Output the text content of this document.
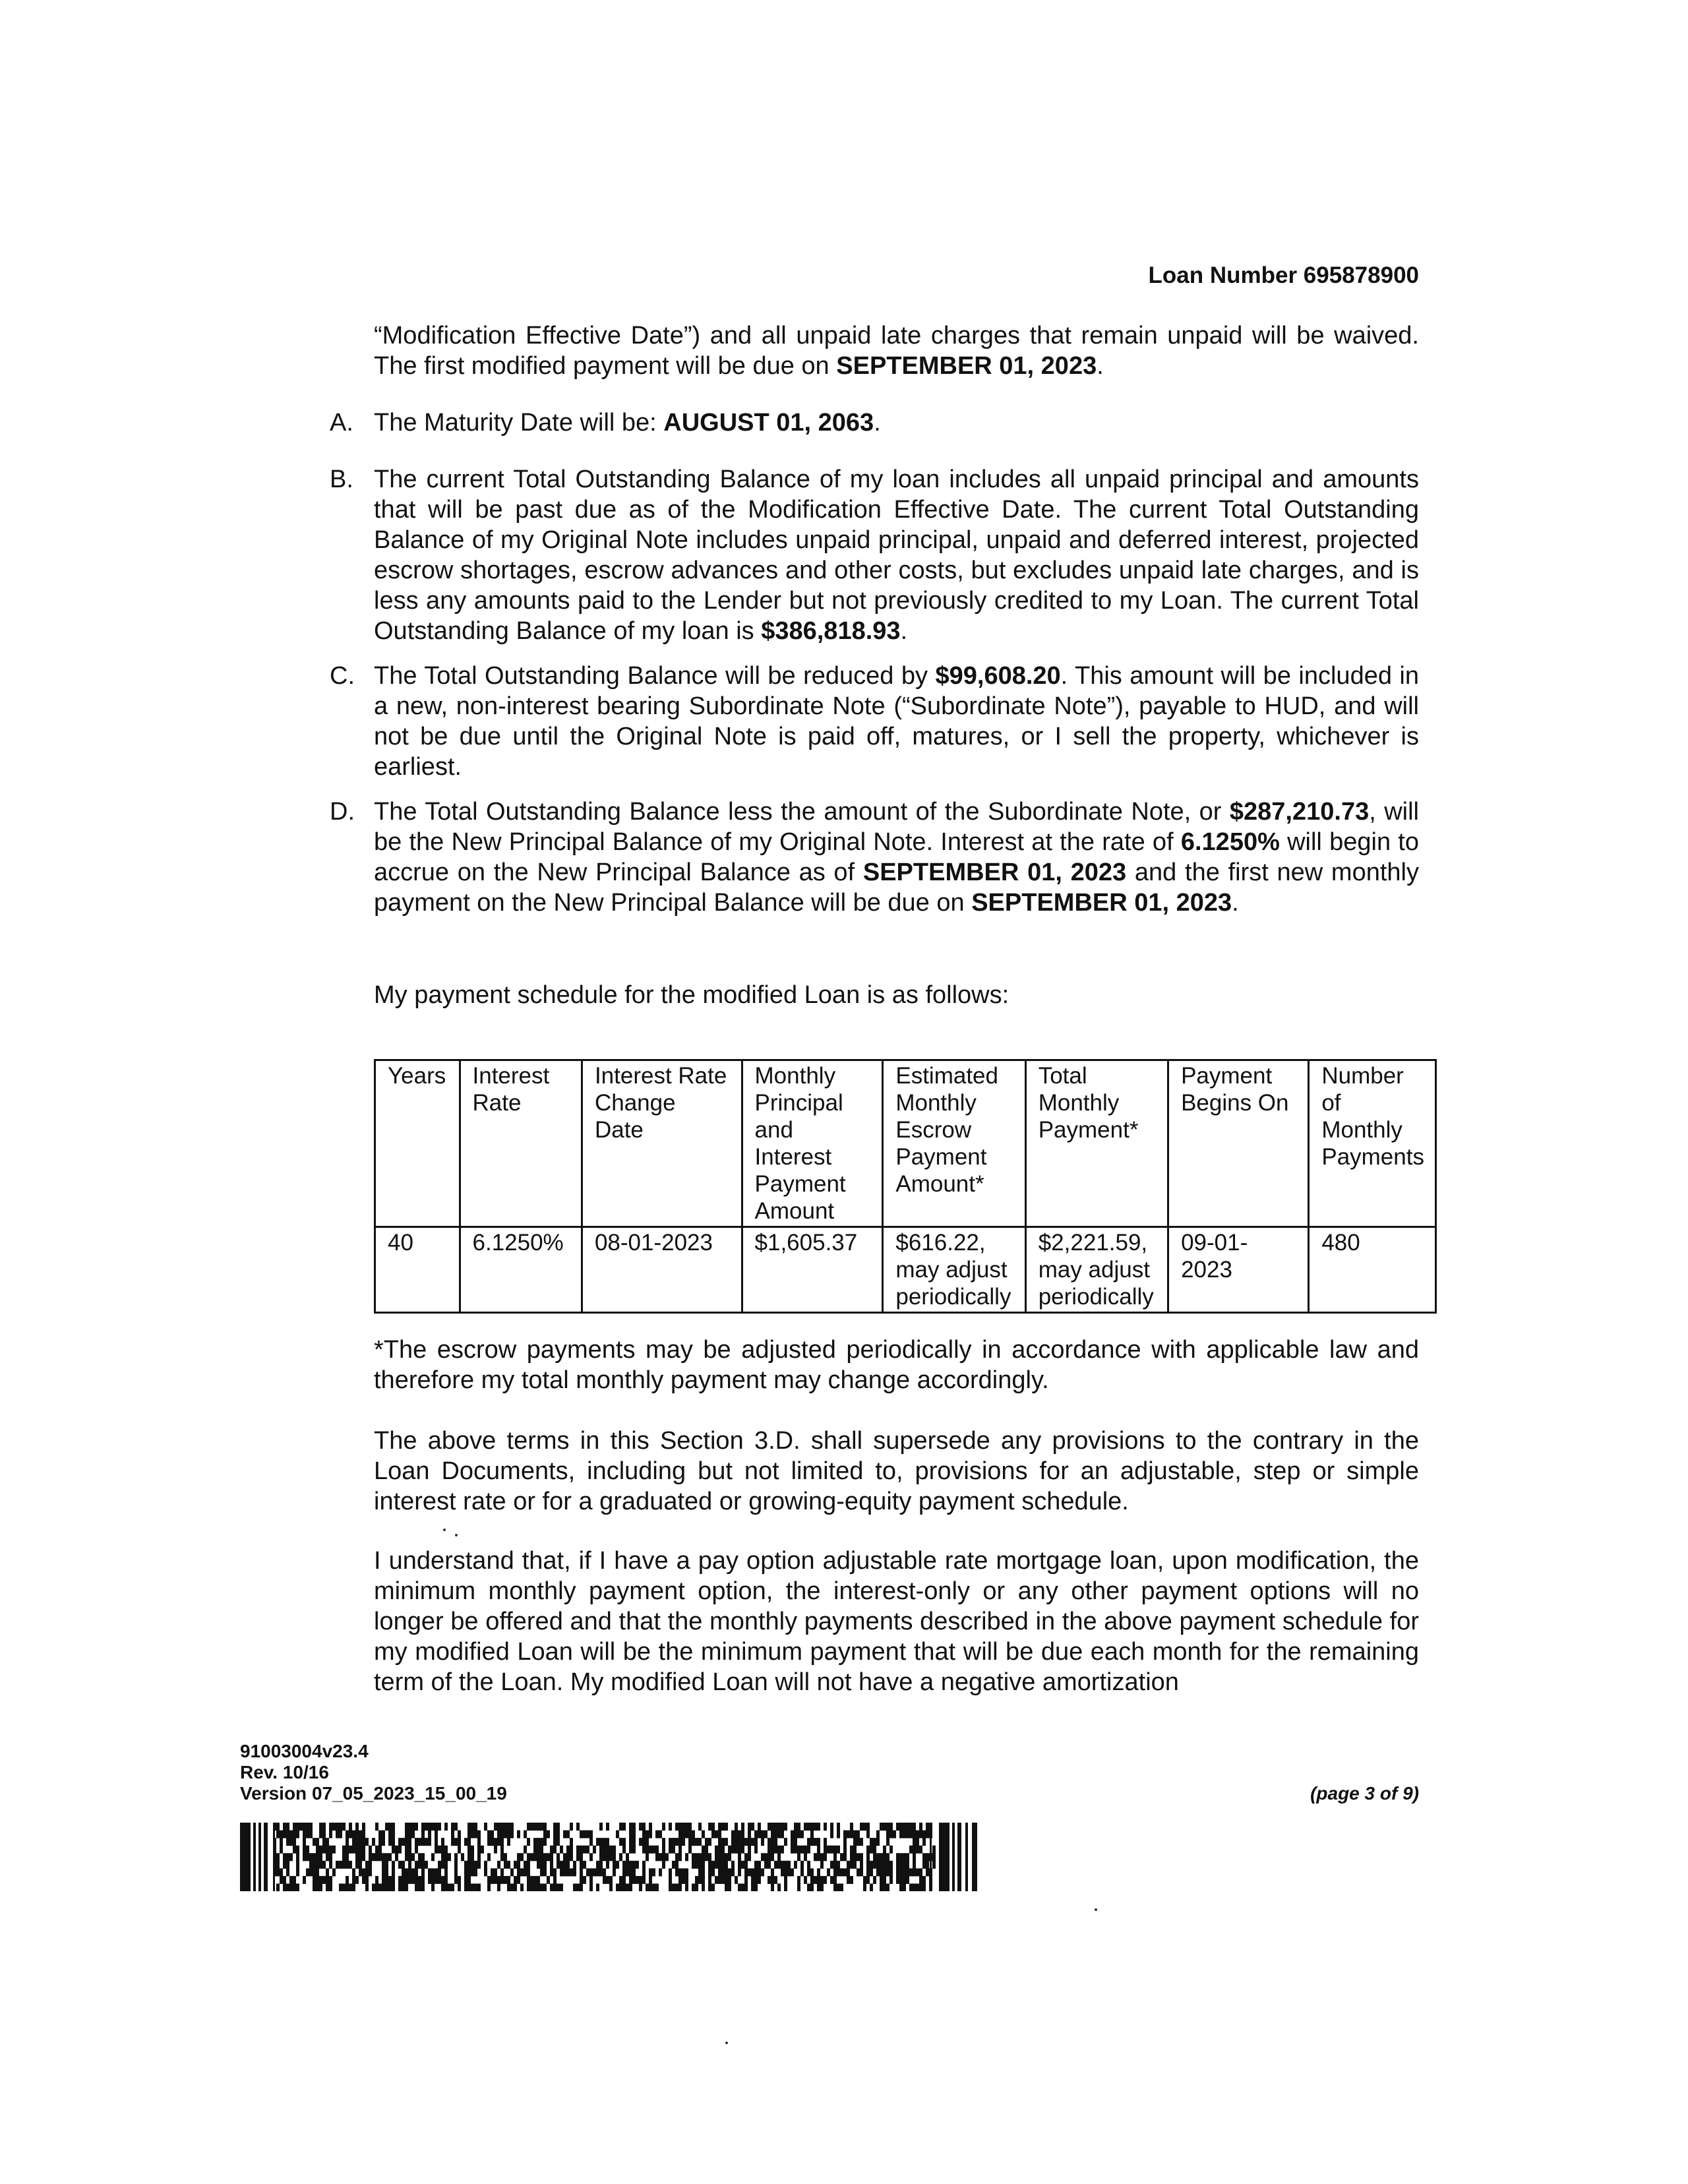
Loan Number 695878900
“Modification Effective Date”) and all unpaid late charges that remain unpaid will be waived. The first modified payment will be due on SEPTEMBER 01, 2023.
A. The Maturity Date will be: AUGUST 01, 2063.
B. The current Total Outstanding Balance of my loan includes all unpaid principal and amounts that will be past due as of the Modification Effective Date. The current Total Outstanding Balance of my Original Note includes unpaid principal, unpaid and deferred interest, projected escrow shortages, escrow advances and other costs, but excludes unpaid late charges, and is less any amounts paid to the Lender but not previously credited to my Loan. The current Total Outstanding Balance of my loan is $386,818.93.
C. The Total Outstanding Balance will be reduced by $99,608.20. This amount will be included in a new, non-interest bearing Subordinate Note (“Subordinate Note”), payable to HUD, and will not be due until the Original Note is paid off, matures, or I sell the property, whichever is earliest.
D. The Total Outstanding Balance less the amount of the Subordinate Note, or $287,210.73, will be the New Principal Balance of my Original Note. Interest at the rate of 6.1250% will begin to accrue on the New Principal Balance as of SEPTEMBER 01, 2023 and the first new monthly payment on the New Principal Balance will be due on SEPTEMBER 01, 2023.
My payment schedule for the modified Loan is as follows:
Years	Interest Rate	Interest Rate Change Date	Monthly Principal and Interest Payment Amount	Estimated Monthly Escrow Payment Amount*	Total Monthly Payment*	Payment Begins On	Number of Monthly Payments
40	6.1250%	08-01-2023	$1,605.37	$616.22, may adjust periodically	$2,221.59, may adjust periodically	09-01-2023	480
*The escrow payments may be adjusted periodically in accordance with applicable law and therefore my total monthly payment may change accordingly.
The above terms in this Section 3.D. shall supersede any provisions to the contrary in the Loan Documents, including but not limited to, provisions for an adjustable, step or simple interest rate or for a graduated or growing-equity payment schedule.
I understand that, if I have a pay option adjustable rate mortgage loan, upon modification, the minimum monthly payment option, the interest-only or any other payment options will no longer be offered and that the monthly payments described in the above payment schedule for my modified Loan will be the minimum payment that will be due each month for the remaining term of the Loan. My modified Loan will not have a negative amortization
91003004v23.4
Rev. 10/16
Version 07_05_2023_15_00_19	(page 3 of 9)
